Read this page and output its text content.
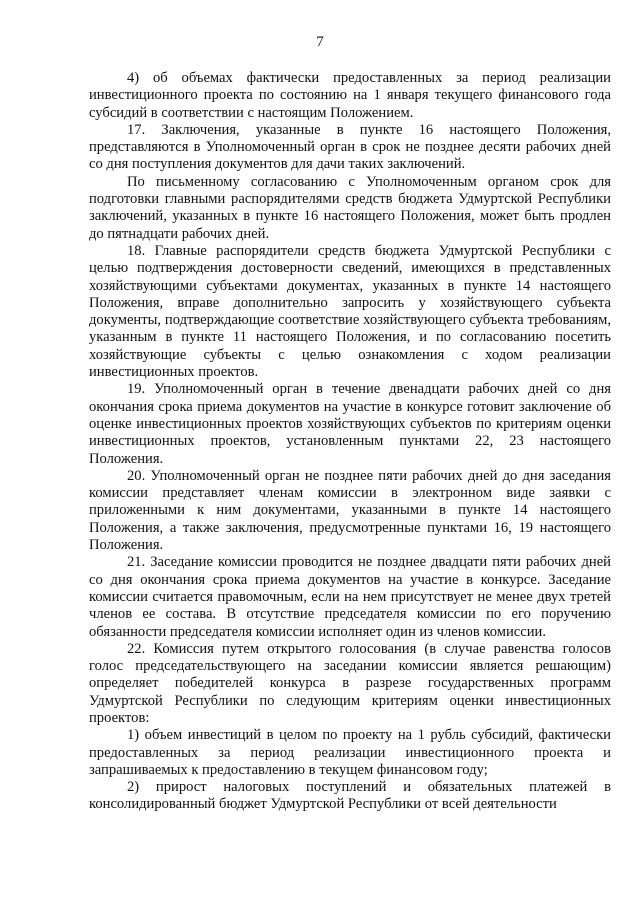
7

4) об объемах фактически предоставленных за период реализации инвестиционного проекта по состоянию на 1 января текущего финансового года субсидий в соответствии с настоящим Положением.

17. Заключения, указанные в пункте 16 настоящего Положения, представляются в Уполномоченный орган в срок не позднее десяти рабочих дней со дня поступления документов для дачи таких заключений.

По письменному согласованию с Уполномоченным органом срок для подготовки главными распорядителями средств бюджета Удмуртской Республики заключений, указанных в пункте 16 настоящего Положения, может быть продлен до пятнадцати рабочих дней.

18. Главные распорядители средств бюджета Удмуртской Республики с целью подтверждения достоверности сведений, имеющихся в представленных хозяйствующими субъектами документах, указанных в пункте 14 настоящего Положения, вправе дополнительно запросить у хозяйствующего субъекта документы, подтверждающие соответствие хозяйствующего субъекта требованиям, указанным в пункте 11 настоящего Положения, и по согласованию посетить хозяйствующие субъекты с целью ознакомления с ходом реализации инвестиционных проектов.

19. Уполномоченный орган в течение двенадцати рабочих дней со дня окончания срока приема документов на участие в конкурсе готовит заключение об оценке инвестиционных проектов хозяйствующих субъектов по критериям оценки инвестиционных проектов, установленным пунктами 22, 23 настоящего Положения.

20. Уполномоченный орган не позднее пяти рабочих дней до дня заседания комиссии представляет членам комиссии в электронном виде заявки с приложенными к ним документами, указанными в пункте 14 настоящего Положения, а также заключения, предусмотренные пунктами 16, 19 настоящего Положения.

21. Заседание комиссии проводится не позднее двадцати пяти рабочих дней со дня окончания срока приема документов на участие в конкурсе. Заседание комиссии считается правомочным, если на нем присутствует не менее двух третей членов ее состава. В отсутствие председателя комиссии по его поручению обязанности председателя комиссии исполняет один из членов комиссии.

22. Комиссия путем открытого голосования (в случае равенства голосов голос председательствующего на заседании комиссии является решающим) определяет победителей конкурса в разрезе государственных программ Удмуртской Республики по следующим критериям оценки инвестиционных проектов:

1) объем инвестиций в целом по проекту на 1 рубль субсидий, фактически предоставленных за период реализации инвестиционного проекта и запрашиваемых к предоставлению в текущем финансовом году;

2) прирост налоговых поступлений и обязательных платежей в консолидированный бюджет Удмуртской Республики от всей деятельности
